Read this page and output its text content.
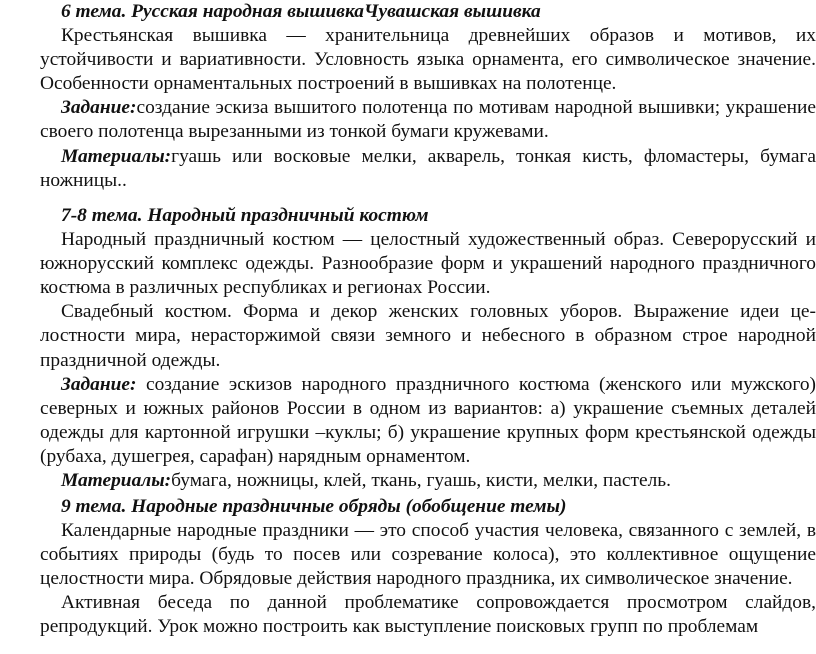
6 тема. Русская народная вышивкаЧувашская вышивка

Крестьянская вышивка — хранительница древнейших образов и мотивов, их устойчивости и вариативности. Условность языка орнамента, его символическое значение. Особенности орнаментальных построений в вышивках на полотенце.

Задание:создание эскиза вышитого полотенца по мотивам народной вышивки; украшение своего полотенца вырезанными из тонкой бумаги кружевами.

Материалы:гуашь или восковые мелки, акварель, тонкая кисть, фломастеры, бумага ножницы..

7-8 тема. Народный праздничный костюм

Народный праздничный костюм — целостный художественный образ. Северорусский и южнорусский комплекс одежды. Разнообразие форм и украшений народного праздничного костюма в различных республиках и регионах России.

Свадебный костюм. Форма и декор женских головных уборов. Выражение идеи це-лостности мира, нерасторжимой связи земного и небесного в образном строе народной праздничной одежды.

Задание: создание эскизов народного праздничного костюма (женского или мужского) северных и южных районов России в одном из вариантов: а) украшение съемных деталей одежды для картонной игрушки –куклы; б) украшение крупных форм крестьянской одежды (рубаха, душегрея, сарафан) нарядным орнаментом.

Материалы:бумага, ножницы, клей, ткань, гуашь, кисти, мелки, пастель.

9 тема. Народные праздничные обряды (обобщение темы)

Календарные народные праздники — это способ участия человека, связанного с землей, в событиях природы (будь то посев или созревание колоса), это коллективное ощущение целостности мира. Обрядовые действия народного праздника, их символическое значение.

Активная беседа по данной проблематике сопровождается просмотром слайдов, репродукций. Урок можно построить как выступление поисковых групп по проблемам
